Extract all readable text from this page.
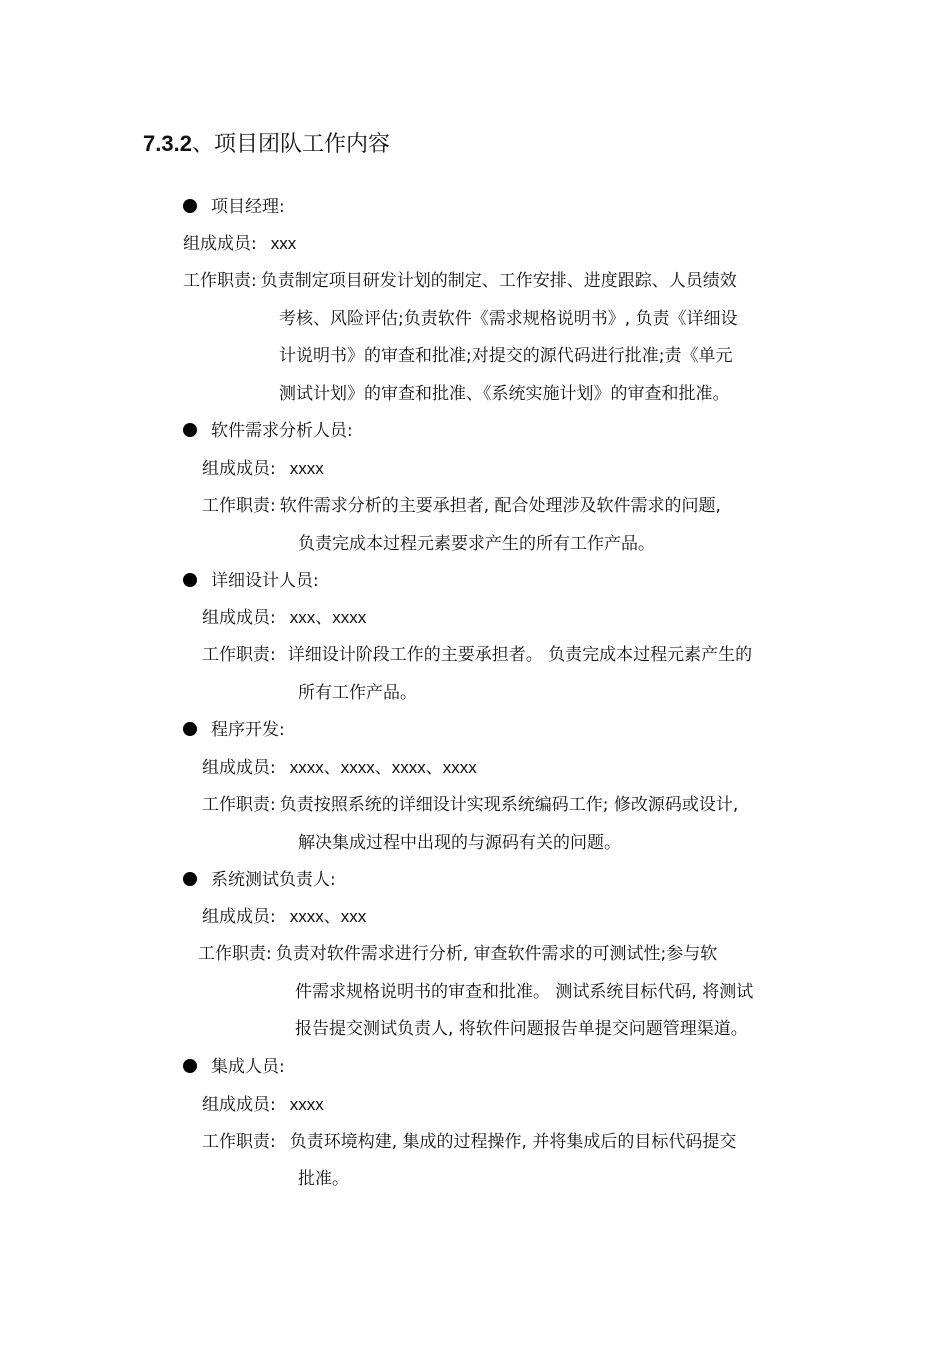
7.3.2、项目团队工作内容
项目经理:
组成成员: xxx
工作职责: 负责制定项目研发计划的制定、工作安排、进度跟踪、人员绩效
考核、风险评估;负责软件《需求规格说明书》, 负责《详细设
计说明书》的审查和批准;对提交的源代码进行批准;责《单元
测试计划》的审查和批准、《系统实施计划》的审查和批准。
软件需求分析人员:
组成成员: xxxx
工作职责: 软件需求分析的主要承担者, 配合处理涉及软件需求的问题,
负责完成本过程元素要求产生的所有工作产品。
详细设计人员:
组成成员: xxx、xxxx
工作职责: 详细设计阶段工作的主要承担者。 负责完成本过程元素产生的
所有工作产品。
程序开发:
组成成员: xxxx、xxxx、xxxx、xxxx
工作职责: 负责按照系统的详细设计实现系统编码工作; 修改源码或设计,
解决集成过程中出现的与源码有关的问题。
系统测试负责人:
组成成员: xxxx、xxx
工作职责: 负责对软件需求进行分析, 审查软件需求的可测试性;参与软
件需求规格说明书的审查和批准。 测试系统目标代码, 将测试
报告提交测试负责人, 将软件问题报告单提交问题管理渠道。
集成人员:
组成成员: xxxx
工作职责: 负责环境构建, 集成的过程操作, 并将集成后的目标代码提交
批准。
